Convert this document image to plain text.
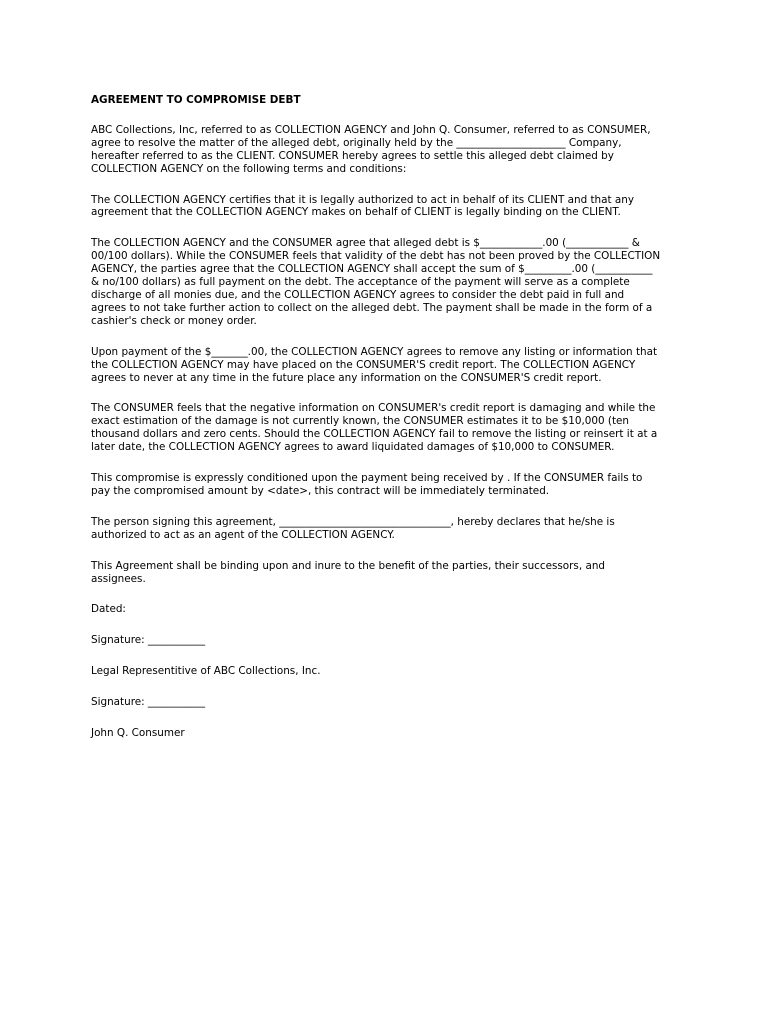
AGREEMENT TO COMPROMISE DEBT
ABC Collections, Inc, referred to as COLLECTION AGENCY and John Q. Consumer, referred to as CONSUMER,
agree to resolve the matter of the alleged debt, originally held by the _____________________ Company,
hereafter referred to as the CLIENT. CONSUMER hereby agrees to settle this alleged debt claimed by
COLLECTION AGENCY on the following terms and conditions:
The COLLECTION AGENCY certifies that it is legally authorized to act in behalf of its CLIENT and that any
agreement that the COLLECTION AGENCY makes on behalf of CLIENT is legally binding on the CLIENT.
The COLLECTION AGENCY and the CONSUMER agree that alleged debt is $____________.00 (____________ &
00/100 dollars). While the CONSUMER feels that validity of the debt has not been proved by the COLLECTION
AGENCY, the parties agree that the COLLECTION AGENCY shall accept the sum of $_________.00 (___________
& no/100 dollars) as full payment on the debt. The acceptance of the payment will serve as a complete
discharge of all monies due, and the COLLECTION AGENCY agrees to consider the debt paid in full and
agrees to not take further action to collect on the alleged debt. The payment shall be made in the form of a
cashier's check or money order.
Upon payment of the $_______.00, the COLLECTION AGENCY agrees to remove any listing or information that
the COLLECTION AGENCY may have placed on the CONSUMER'S credit report. The COLLECTION AGENCY
agrees to never at any time in the future place any information on the CONSUMER'S credit report.
The CONSUMER feels that the negative information on CONSUMER's credit report is damaging and while the
exact estimation of the damage is not currently known, the CONSUMER estimates it to be $10,000 (ten
thousand dollars and zero cents. Should the COLLECTION AGENCY fail to remove the listing or reinsert it at a
later date, the COLLECTION AGENCY agrees to award liquidated damages of $10,000 to CONSUMER.
This compromise is expressly conditioned upon the payment being received by . If the CONSUMER fails to
pay the compromised amount by <date>, this contract will be immediately terminated.
The person signing this agreement, _________________________________, hereby declares that he/she is
authorized to act as an agent of the COLLECTION AGENCY.
This Agreement shall be binding upon and inure to the benefit of the parties, their successors, and
assignees.
Dated:
Signature: ___________
Legal Representitive of ABC Collections, Inc.
Signature: ___________
John Q. Consumer
